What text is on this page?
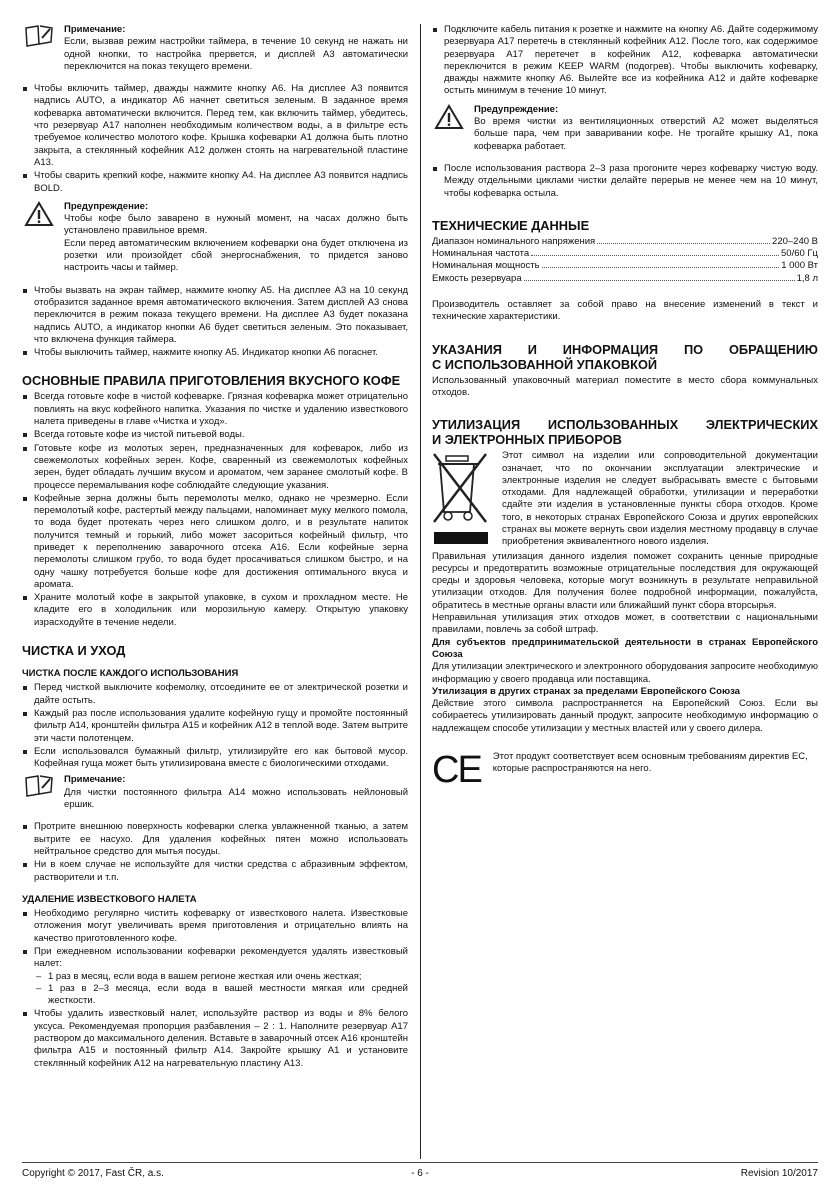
Примечание:

Если, вызвав режим настройки таймера, в течение 10 секунд не нажать ни одной кнопки, то настройка прервется, и дисплей A3 автоматически переключится на показ текущего времени.

Чтобы включить таймер, дважды нажмите кнопку A6. На дисплее A3 появится надпись AUTO, а индикатор A6 начнет светиться зеленым. В заданное время кофеварка автоматически включится. Перед тем, как включить таймер, убедитесь, что резервуар A17 наполнен необходимым количеством воды, а в фильтре есть требуемое количество молотого кофе. Крышка кофеварки A1 должна быть плотно закрыта, а стеклянный кофейник A12 должен стоять на нагревательной пластине A13.
Чтобы сварить крепкий кофе, нажмите кнопку A4. На дисплее A3 появится надпись BOLD.

Предупреждение:

Чтобы кофе было заварено в нужный момент, на часах должно быть установлено правильное время.

Если перед автоматическим включением кофеварки она будет отключена из розетки или произойдет сбой энергоснабжения, то придется заново настроить часы и таймер.

Чтобы вызвать на экран таймер, нажмите кнопку A5. На дисплее A3 на 10 секунд отобразится заданное время автоматического включения. Затем дисплей A3 снова переключится в режим показа текущего времени. На дисплее A3 будет показана надпись AUTO, а индикатор кнопки A6 будет светиться зеленым. Это показывает, что включена функция таймера.
Чтобы выключить таймер, нажмите кнопку A5. Индикатор кнопки A6 погаснет.
ОСНОВНЫЕ ПРАВИЛА ПРИГОТОВЛЕНИЯ ВКУСНОГО КОФЕ
Всегда готовьте кофе в чистой кофеварке. Грязная кофеварка может отрицательно повлиять на вкус кофейного напитка. Указания по чистке и удалению известкового налета приведены в главе «Чистка и уход».
Всегда готовьте кофе из чистой питьевой воды.
Готовьте кофе из молотых зерен, предназначенных для кофеварок, либо из свежемолотых кофейных зерен. Кофе, сваренный из свежемолотых кофейных зерен, будет обладать лучшим вкусом и ароматом, чем заранее смолотый кофе. В процессе перемалывания кофе соблюдайте следующие указания.
Кофейные зерна должны быть перемолоты мелко, однако не чрезмерно. Если перемолотый кофе, растертый между пальцами, напоминает муку мелкого помола, то вода будет протекать через него слишком долго, и в результате напиток получится темный и горький, либо может засориться кофейный фильтр, что приведет к переполнению заварочного отсека A16. Если кофейные зерна перемолоты слишком грубо, то вода будет просачиваться слишком быстро, и на одну чашку потребуется больше кофе для достижения оптимального вкуса и аромата.
Храните молотый кофе в закрытой упаковке, в сухом и прохладном месте. Не кладите его в холодильник или морозильную камеру. Открытую упаковку израсходуйте в течение недели.
ЧИСТКА И УХОД
ЧИСТКА ПОСЛЕ КАЖДОГО ИСПОЛЬЗОВАНИЯ
Перед чисткой выключите кофемолку, отсоедините ее от электрической розетки и дайте остыть.
Каждый раз после использования удалите кофейную гущу и промойте постоянный фильтр A14, кронштейн фильтра A15 и кофейник A12 в теплой воде. Затем вытрите эти части полотенцем.
Если использовался бумажный фильтр, утилизируйте его как бытовой мусор. Кофейная гуща может быть утилизирована вместе с биологическими отходами.

Примечание:

Для чистки постоянного фильтра A14 можно использовать нейлоновый ершик.

Протрите внешнюю поверхность кофеварки слегка увлажненной тканью, а затем вытрите ее насухо. Для удаления кофейных пятен можно использовать нейтральное средство для мытья посуды.
Ни в коем случае не используйте для чистки средства с абразивным эффектом, растворители и т.п.
УДАЛЕНИЕ ИЗВЕСТКОВОГО НАЛЕТА
Необходимо регулярно чистить кофеварку от известкового налета. Известковые отложения могут увеличивать время приготовления и отрицательно влиять на качество приготовленного кофе.
При ежедневном использовании кофеварки рекомендуется удалять известковый налет:
– 1 раз в месяц, если вода в вашем регионе жесткая или очень жесткая;
– 1 раз в 2–3 месяца, если вода в вашей местности мягкая или средней жесткости.
Чтобы удалить известковый налет, используйте раствор из воды и 8% белого уксуса. Рекомендуемая пропорция разбавления – 2 : 1. Наполните резервуар A17 раствором до максимального деления. Вставьте в заварочный отсек A16 кронштейн фильтра A15 и постоянный фильтр A14. Закройте крышку A1 и установите стеклянный кофейник A12 на нагревательную пластину A13.
Подключите кабель питания к розетке и нажмите на кнопку A6. Дайте содержимому резервуара A17 перетечь в стеклянный кофейник A12. После того, как содержимое резервуара A17 перетечет в кофейник A12, кофеварка автоматически переключится в режим KEEP WARM (подогрев). Чтобы выключить кофеварку, дважды нажмите кнопку A6. Вылейте все из кофейника A12 и дайте кофеварке остыть минимум в течение 10 минут.

Предупреждение:

Во время чистки из вентиляционных отверстий A2 может выделяться больше пара, чем при заваривании кофе. Не трогайте крышку A1, пока кофеварка работает.

После использования раствора 2–3 раза прогоните через кофеварку чистую воду. Между отдельными циклами чистки делайте перерыв не менее чем на 10 минут, чтобы кофеварка остыла.
ТЕХНИЧЕСКИЕ ДАННЫЕ
Диапазон номинального напряжения	220–240 В
Номинальная частота	50/60 Гц
Номинальная мощность	1 000 Вт
Емкость резервуара	1,8 л

Производитель оставляет за собой право на внесение изменений в текст и технические характеристики.

УКАЗАНИЯ И ИНФОРМАЦИЯ ПО ОБРАЩЕНИЮ
С ИСПОЛЬЗОВАННОЙ УПАКОВКОЙ

Использованный упаковочный материал поместите в место сбора коммунальных отходов.

УТИЛИЗАЦИЯ ИСПОЛЬЗОВАННЫХ ЭЛЕКТРИЧЕСКИХ
И ЭЛЕКТРОННЫХ ПРИБОРОВ

Этот символ на изделии или сопроводительной документации означает, что по окончании эксплуатации электрические и электронные изделия не следует выбрасывать вместе с бытовыми отходами. Для надлежащей обработки, утилизации и переработки сдайте эти изделия в установленные пункты сбора отходов. Кроме того, в некоторых странах Европейского Союза и других европейских странах вы можете вернуть свои изделия местному продавцу в случае приобретения эквивалентного нового изделия.

Правильная утилизация данного изделия поможет сохранить ценные природные ресурсы и предотвратить возможные отрицательные последствия для окружающей среды и здоровья человека, которые могут возникнуть в результате неправильной утилизации отходов. Для получения более подробной информации, пожалуйста, обратитесь в местные органы власти или ближайший пункт сбора вторсырья.

Неправильная утилизация этих отходов может, в соответствии с национальными правилами, повлечь за собой штраф.

Для субъектов предпринимательской деятельности в странах Европейского Союза

Для утилизации электрического и электронного оборудования запросите необходимую информацию у своего продавца или поставщика.

Утилизация в других странах за пределами Европейского Союза

Действие этого символа распространяется на Европейский Союз. Если вы собираетесь утилизировать данный продукт, запросите необходимую информацию о надлежащем способе утилизации у местных властей или у своего дилера.

CE Этот продукт соответствует всем основным требованиям директив ЕС, которые распространяются на него.

Copyright © 2017, Fast ČR, a.s.	- 6 -	Revision 10/2017
